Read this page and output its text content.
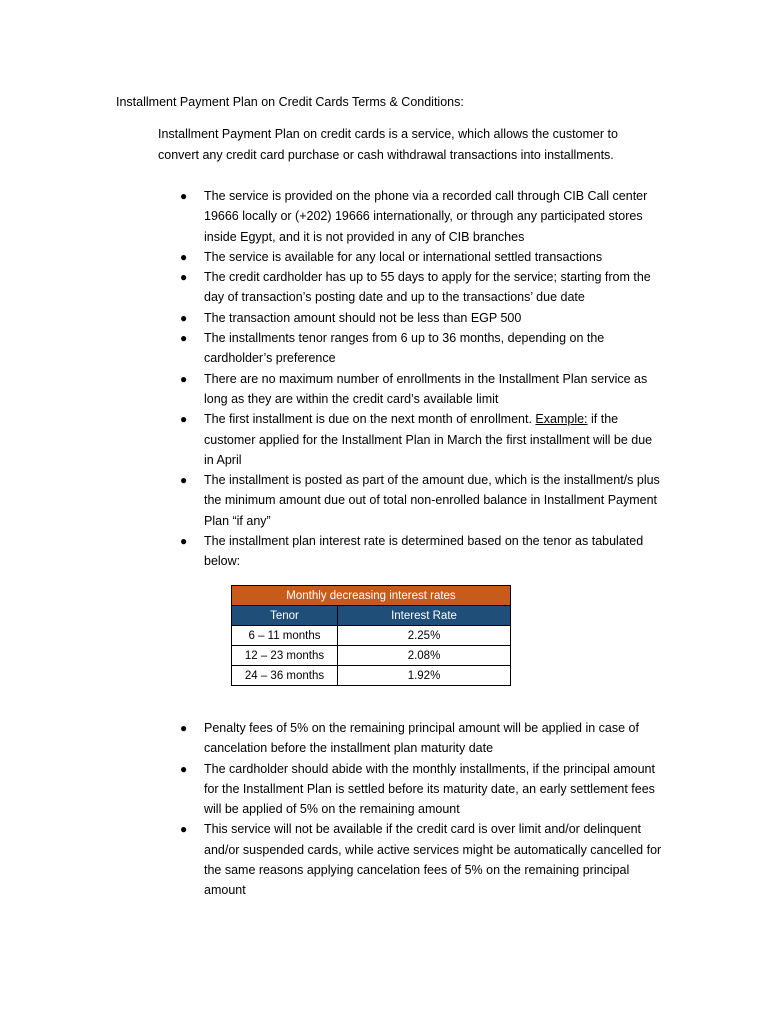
Installment Payment Plan on Credit Cards Terms & Conditions:
Installment Payment Plan on credit cards is a service, which allows the customer to convert any credit card purchase or cash withdrawal transactions into installments.
● The service is provided on the phone via a recorded call through CIB Call center 19666 locally or (+202) 19666 internationally, or through any participated stores inside Egypt, and it is not provided in any of CIB branches
● The service is available for any local or international settled transactions
● The credit cardholder has up to 55 days to apply for the service; starting from the day of transaction’s posting date and up to the transactions’ due date
● The transaction amount should not be less than EGP 500
● The installments tenor ranges from 6 up to 36 months, depending on the cardholder’s preference
● There are no maximum number of enrollments in the Installment Plan service as long as they are within the credit card’s available limit
● The first installment is due on the next month of enrollment. Example: if the customer applied for the Installment Plan in March the first installment will be due in April
● The installment is posted as part of the amount due, which is the installment/s plus the minimum amount due out of total non-enrolled balance in Installment Payment Plan “if any”
● The installment plan interest rate is determined based on the tenor as tabulated below:
Monthly decreasing interest rates	
Tenor	Interest Rate
6 – 11 months	2.25%
12 – 23 months	2.08%
24 – 36 months	1.92%
● Penalty fees of 5% on the remaining principal amount will be applied in case of cancelation before the installment plan maturity date
● The cardholder should abide with the monthly installments, if the principal amount for the Installment Plan is settled before its maturity date, an early settlement fees will be applied of 5% on the remaining amount
● This service will not be available if the credit card is over limit and/or delinquent and/or suspended cards, while active services might be automatically cancelled for the same reasons applying cancelation fees of 5% on the remaining principal amount
